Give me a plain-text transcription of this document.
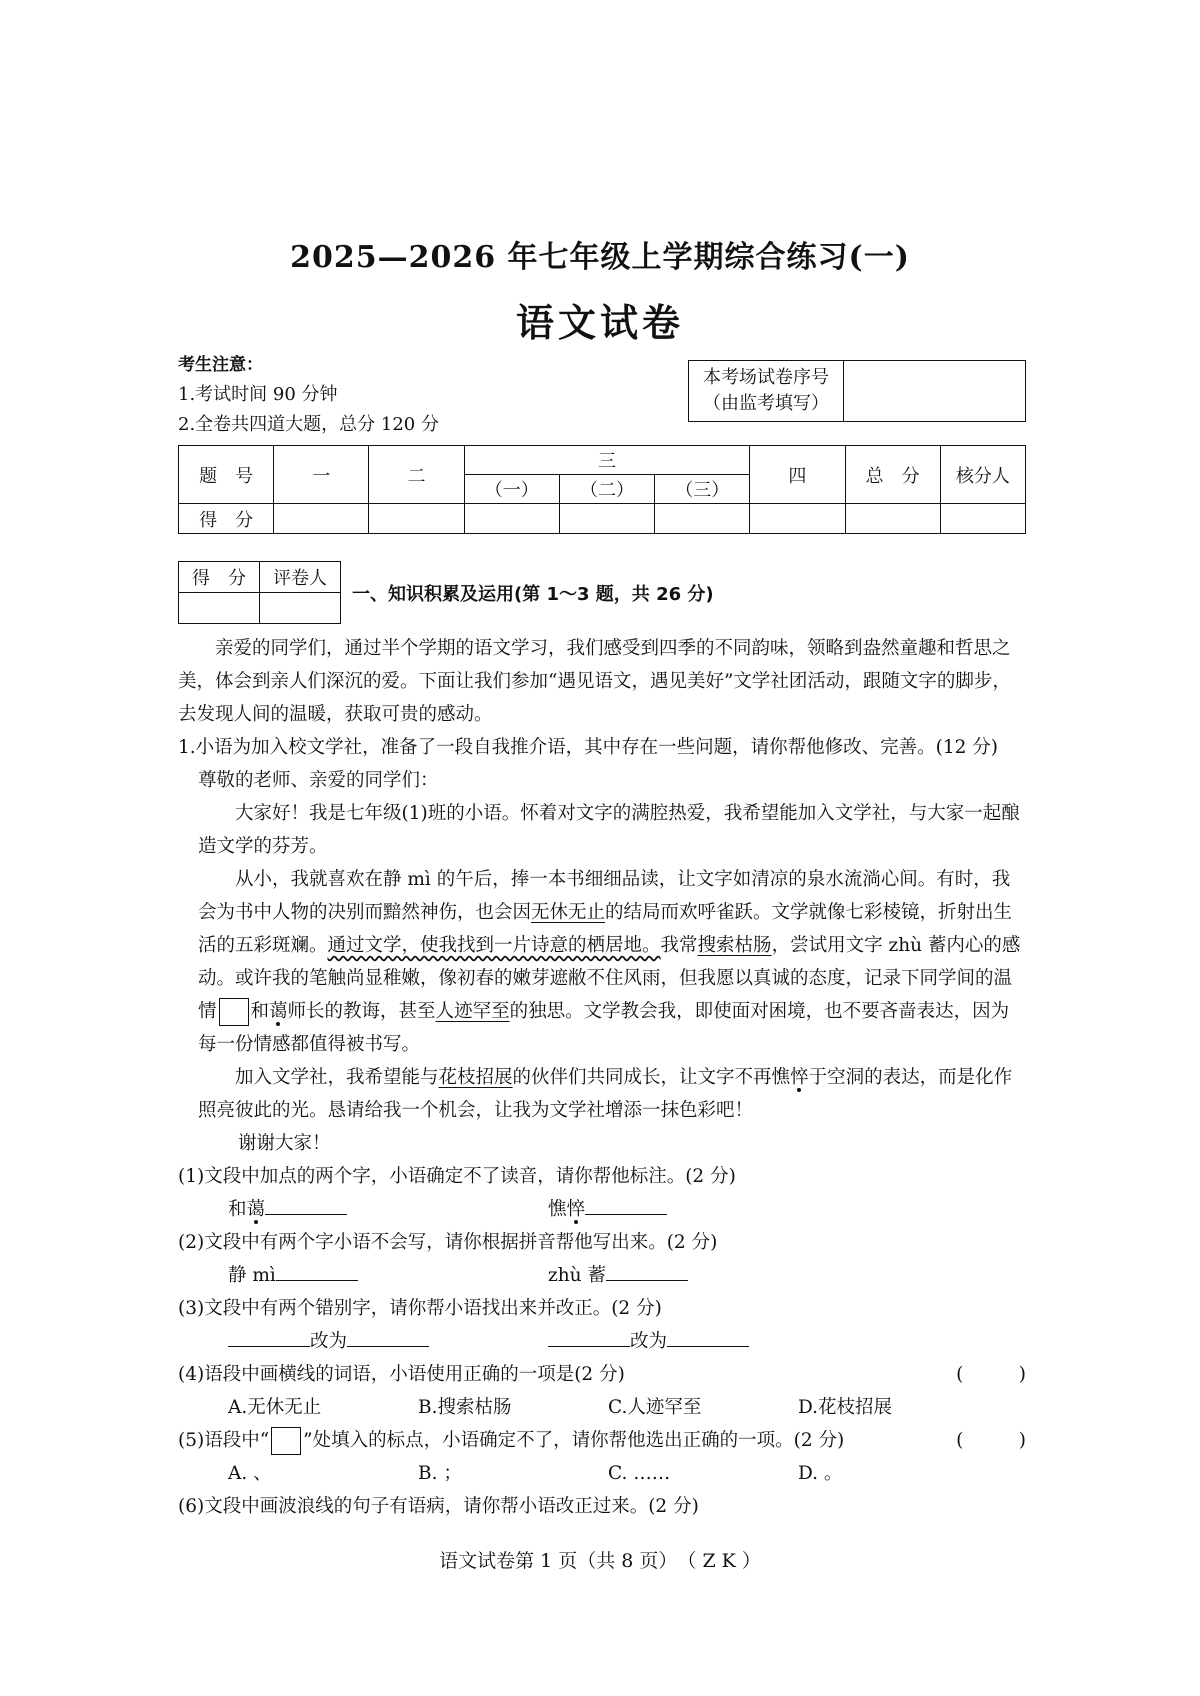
2025—2026 年七年级上学期综合练习(一)
语文试卷
考生注意：
1.考试时间 90 分钟
2.全卷共四道大题，总分 120 分
本考场试卷序号
（由监考填写）

题　号	一	二	三			四	总　分	核分人
			（一）	（二）	（三）			
得　分								
得　分	评卷人

一、知识积累及运用(第 1～3 题，共 26 分)

亲爱的同学们，通过半个学期的语文学习，我们感受到四季的不同韵味，领略到盎然童趣和哲思之美，体会到亲人们深沉的爱。下面让我们参加“遇见语文，遇见美好”文学社团活动，跟随文字的脚步，去发现人间的温暖，获取可贵的感动。

1.小语为加入校文学社，准备了一段自我推介语，其中存在一些问题，请你帮他修改、完善。(12 分)

尊敬的老师、亲爱的同学们：

大家好！我是七年级(1)班的小语。怀着对文字的满腔热爱，我希望能加入文学社，与大家一起酿造文学的芬芳。

从小，我就喜欢在静 mì 的午后，捧一本书细细品读，让文字如清凉的泉水流淌心间。有时，我会为书中人物的决别而黯然神伤，也会因无休无止的结局而欢呼雀跃。文学就像七彩棱镜，折射出生活的五彩斑斓。通过文学，使我找到一片诗意的栖居地。我常搜索枯肠，尝试用文字 zhù 蓄内心的感动。或许我的笔触尚显稚嫩，像初春的嫩芽遮敝不住风雨，但我愿以真诚的态度，记录下同学间的温情 和蔼师长的教诲，甚至人迹罕至的独思。文学教会我，即使面对困境，也不要吝啬表达，因为每一份情感都值得被书写。

加入文学社，我希望能与花枝招展的伙伴们共同成长，让文字不再憔悴于空洞的表达，而是化作照亮彼此的光。恳请给我一个机会，让我为文学社增添一抹色彩吧！

谢谢大家！

(1)文段中加点的两个字，小语确定不了读音，请你帮他标注。(2 分)

和蔼	憔悴

(2)文段中有两个字小语不会写，请你根据拼音帮他写出来。(2 分)

静 mì	zhù 蓄

(3)文段中有两个错别字，请你帮小语找出来并改正。(2 分)

改为	改为
(4)语段中画横线的词语，小语使用正确的一项是(2 分)	(　　　)
A.无休无止	B.搜索枯肠	C.人迹罕至	D.花枝招展
(5)语段中“ ”处填入的标点，小语确定不了，请你帮他选出正确的一项。(2 分)	(　　　)
A. 、	B. ；	C. ……	D. 。

(6)文段中画波浪线的句子有语病，请你帮小语改正过来。(2 分)

语文试卷第 1 页（共 8 页）　（ Z K ）
